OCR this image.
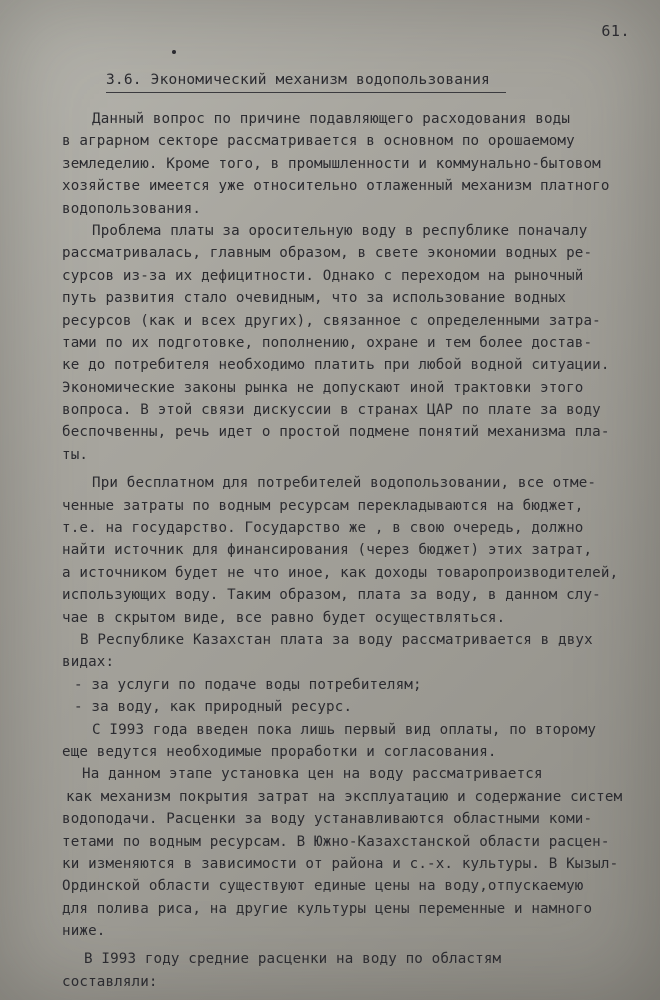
61.
3.6. Экономический механизм водопользования
Данный вопрос по причине подавляющего расходования воды
в аграрном секторе рассматривается в основном по орошаемому
земледелию. Кроме того, в промышленности и коммунально-бытовом
хозяйстве имеется уже относительно отлаженный механизм платного
водопользования.
Проблема платы за оросительную воду в республике поначалу
рассматривалась, главным образом, в свете экономии водных ре-
сурсов из-за их дефицитности. Однако с переходом на рыночный
путь развития стало очевидным, что за использование водных
ресурсов (как и всех других), связанное с определенными затра-
тами по их подготовке, пополнению, охране и тем более достав-
ке до потребителя необходимо платить при любой водной ситуации.
Экономические законы рынка не допускают иной трактовки этого
вопроса. В этой связи дискуссии в странах ЦАР по плате за воду
беспочвенны, речь идет о простой подмене понятий механизма пла-
ты.
При бесплатном для потребителей водопользовании, все отме-
ченные затраты по водным ресурсам перекладываются на бюджет,
т.е. на государство. Государство же , в свою очередь, должно
найти источник для финансирования (через бюджет) этих затрат,
а источником будет не что иное, как доходы товаропроизводителей,
использующих воду. Таким образом, плата за воду, в данном слу-
чае в скрытом виде, все равно будет осуществляться.
В Республике Казахстан плата за воду рассматривается в двух
видах:
- за услуги по подаче воды потребителям;
- за воду, как природный ресурс.
С I993 года введен пока лишь первый вид оплаты, по второму
еще ведутся необходимые проработки и согласования.
На данном этапе установка цен на воду рассматривается
как механизм покрытия затрат на эксплуатацию и содержание систем
водоподачи. Расценки за воду устанавливаются областными коми-
тетами по водным ресурсам. В Южно-Казахстанской области расцен-
ки изменяются в зависимости от района и с.-х. культуры. В Кызыл-
Ординской области существуют единые цены на воду,отпускаемую
для полива риса, на другие культуры цены переменные и намного
ниже.
В I993 году средние расценки на воду по областям
составляли:
